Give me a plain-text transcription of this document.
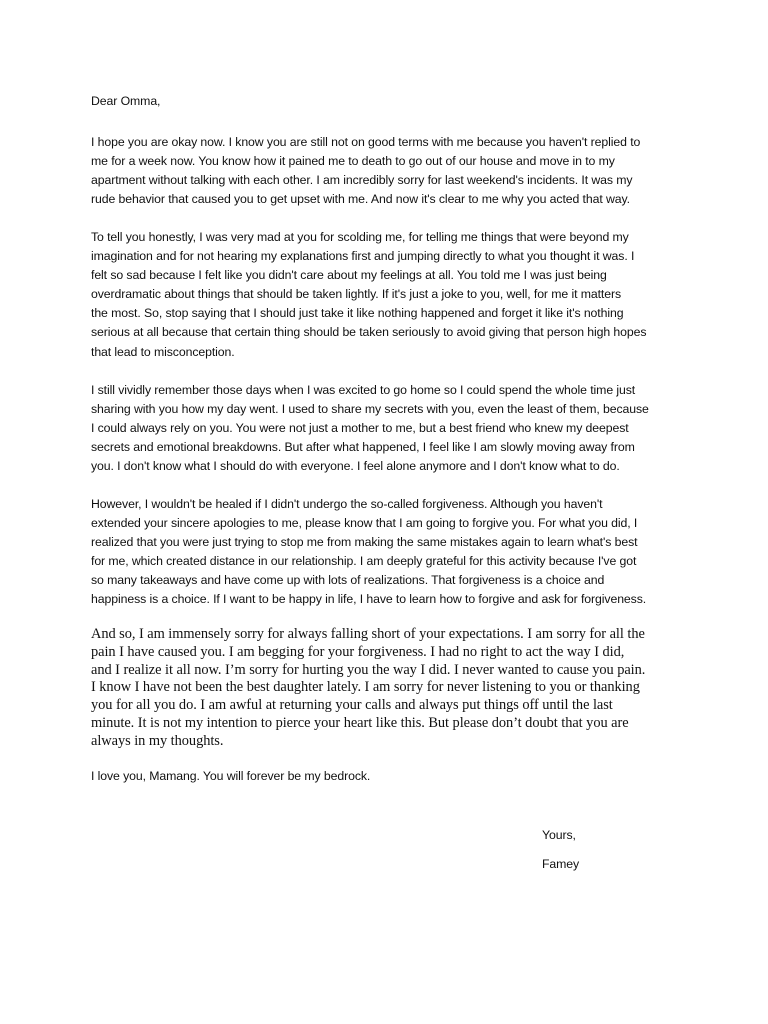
Dear Omma,

I hope you are okay now. I know you are still not on good terms with me because you haven't replied to
me for a week now. You know how it pained me to death to go out of our house and move in to my
apartment without talking with each other. I am incredibly sorry for last weekend's incidents. It was my
rude behavior that caused you to get upset with me. And now it's clear to me why you acted that way.

To tell you honestly, I was very mad at you for scolding me, for telling me things that were beyond my
imagination and for not hearing my explanations first and jumping directly to what you thought it was. I
felt so sad because I felt like you didn't care about my feelings at all. You told me I was just being
overdramatic about things that should be taken lightly. If it's just a joke to you, well, for me it matters
the most. So, stop saying that I should just take it like nothing happened and forget it like it's nothing
serious at all because that certain thing should be taken seriously to avoid giving that person high hopes
that lead to misconception.

I still vividly remember those days when I was excited to go home so I could spend the whole time just
sharing with you how my day went. I used to share my secrets with you, even the least of them, because
I could always rely on you. You were not just a mother to me, but a best friend who knew my deepest
secrets and emotional breakdowns. But after what happened, I feel like I am slowly moving away from
you. I don't know what I should do with everyone. I feel alone anymore and I don't know what to do.

However, I wouldn't be healed if I didn't undergo the so-called forgiveness. Although you haven't
extended your sincere apologies to me, please know that I am going to forgive you. For what you did, I
realized that you were just trying to stop me from making the same mistakes again to learn what's best
for me, which created distance in our relationship. I am deeply grateful for this activity because I've got
so many takeaways and have come up with lots of realizations. That forgiveness is a choice and
happiness is a choice. If I want to be happy in life, I have to learn how to forgive and ask for forgiveness.

And so, I am immensely sorry for always falling short of your expectations. I am sorry for all the
pain I have caused you. I am begging for your forgiveness. I had no right to act the way I did,
and I realize it all now. I’m sorry for hurting you the way I did. I never wanted to cause you pain.
I know I have not been the best daughter lately. I am sorry for never listening to you or thanking
you for all you do. I am awful at returning your calls and always put things off until the last
minute. It is not my intention to pierce your heart like this. But please don’t doubt that you are
always in my thoughts.

I love you, Mamang. You will forever be my bedrock.

Yours,

Famey
